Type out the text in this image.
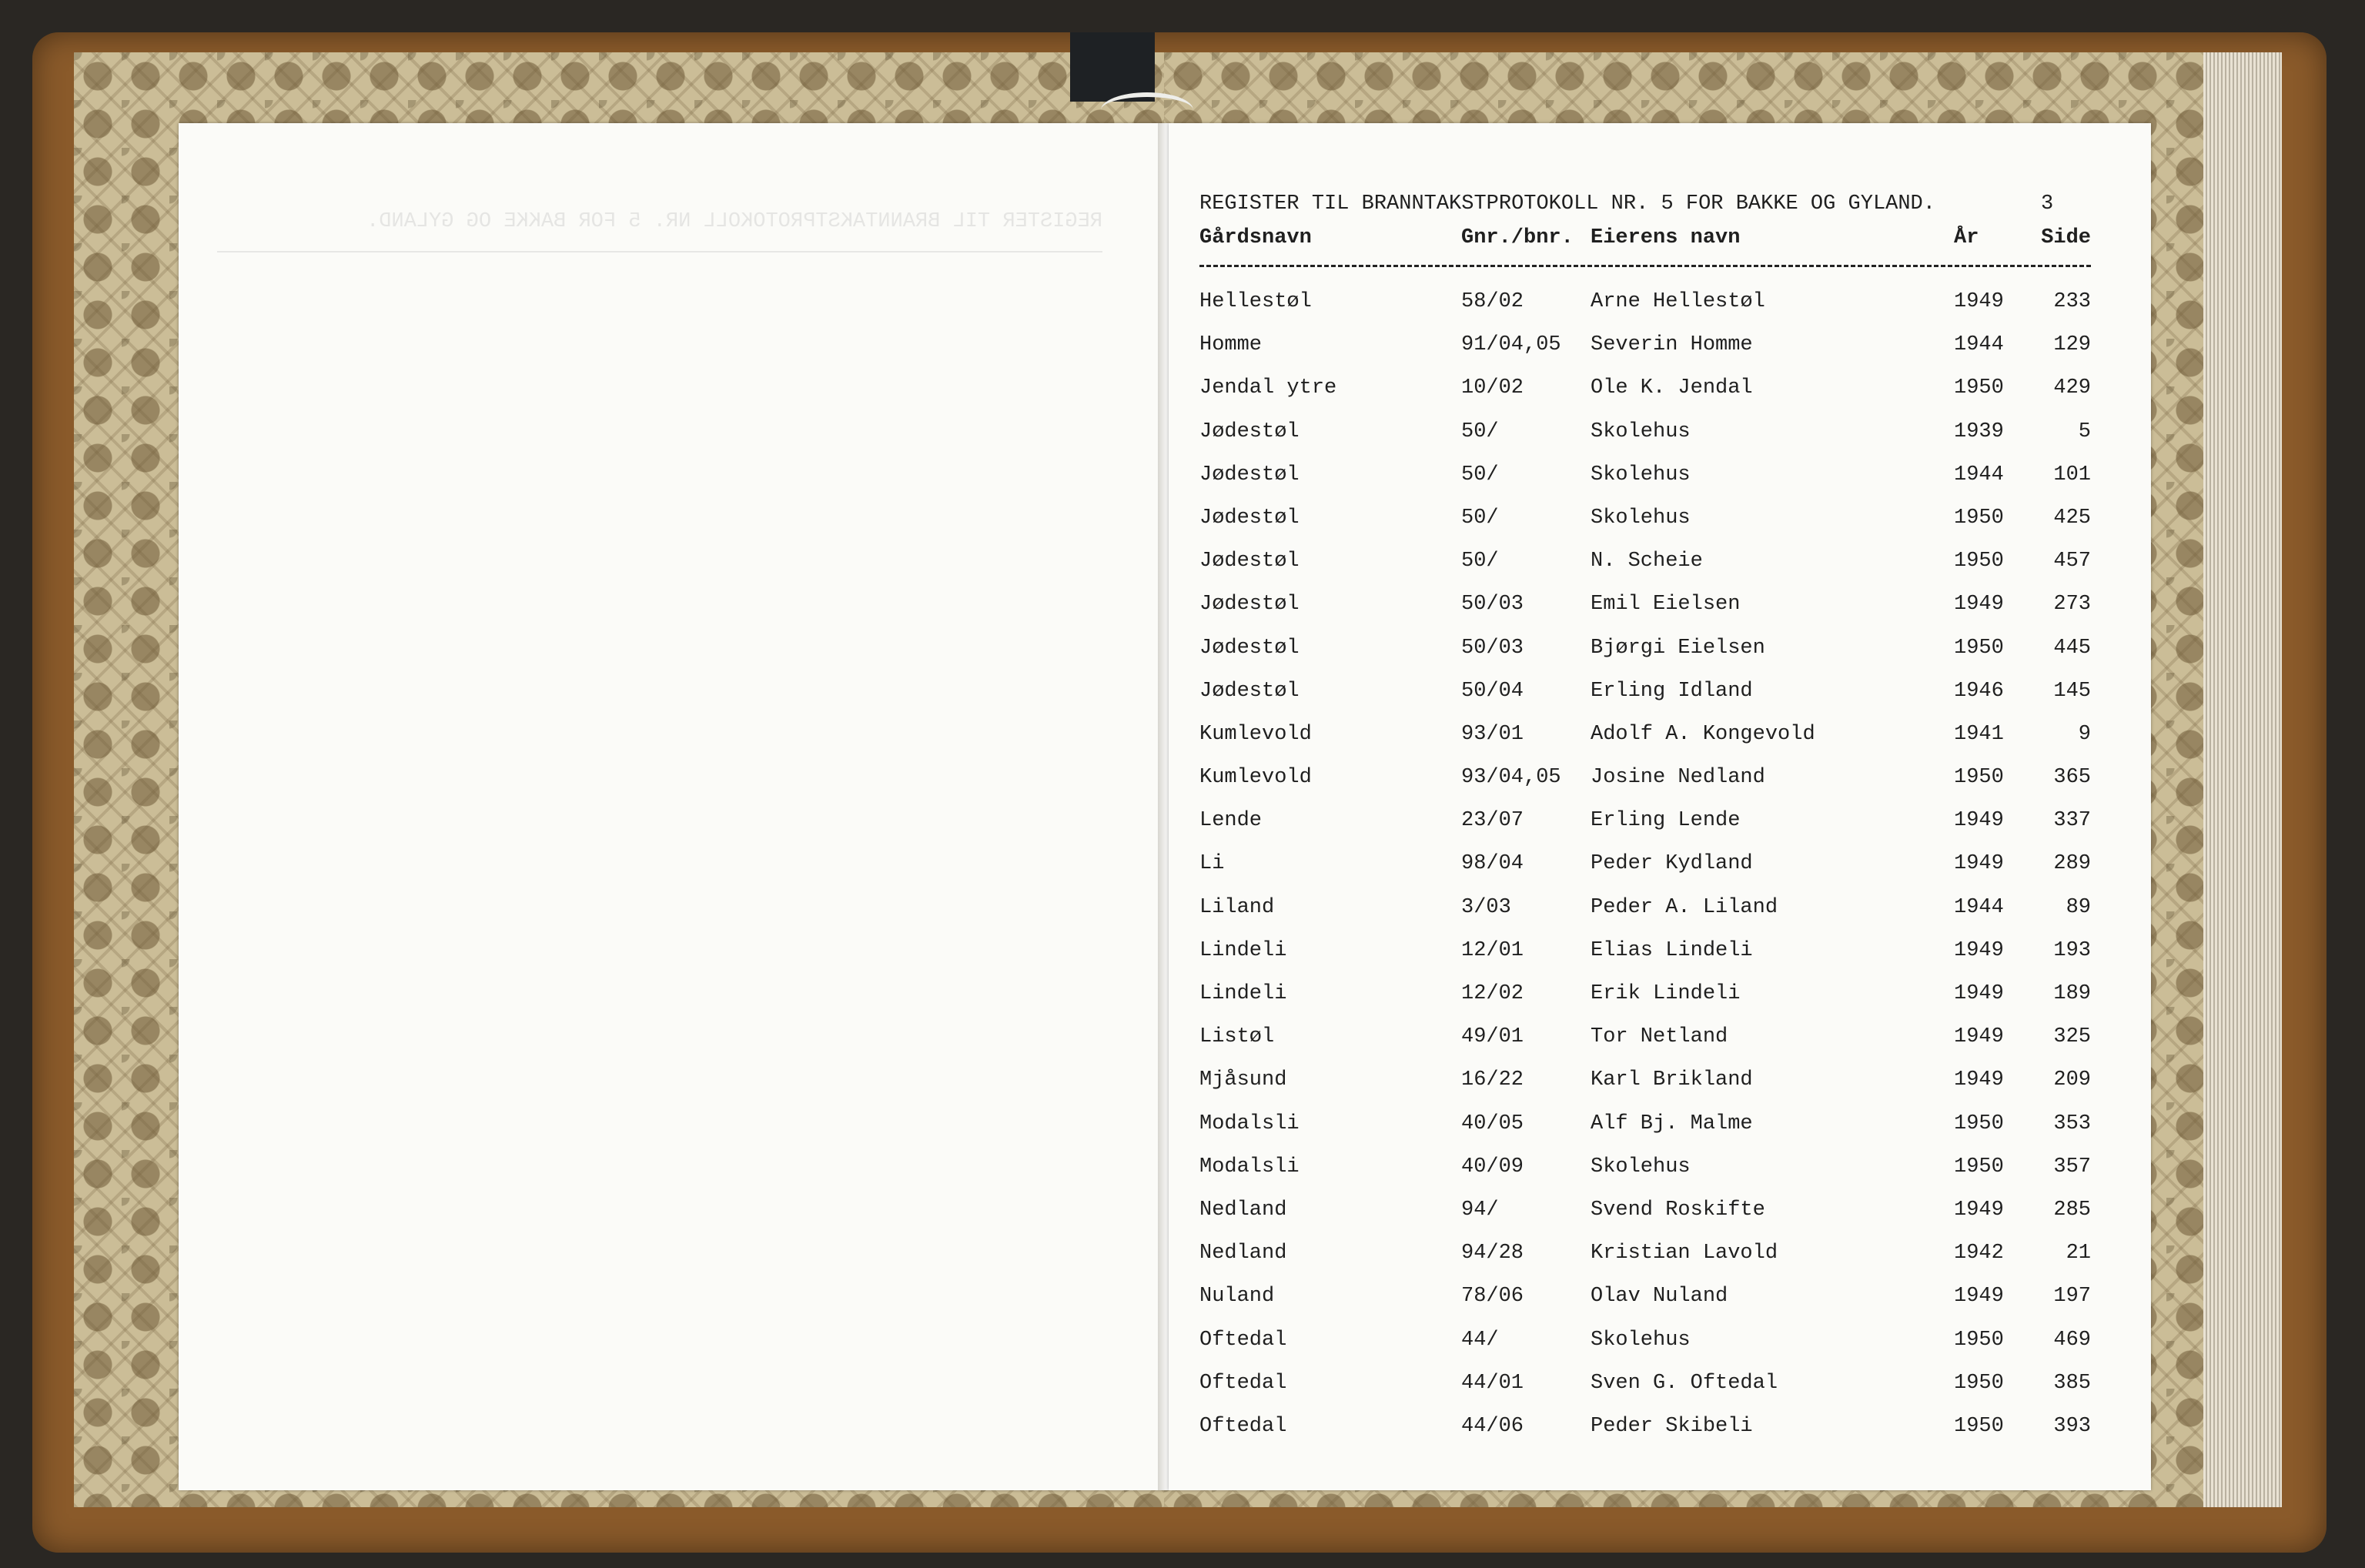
REGISTER TIL BRANNTAKSTPROTOKOLL NR. 5 FOR BAKKE OG GYLAND.
REGISTER TIL BRANNTAKSTPROTOKOLL NR. 5 FOR BAKKE OG GYLAND.	3
Gårdsnavn	Gnr./bnr. Eierens navn	År	Side
Hellestøl	58/02	Arne Hellestøl	1949 233
Homme	91/04,05 Severin Homme	1944 129
Jendal ytre	10/02	Ole K. Jendal	1950 429
Jødestøl	50/	Skolehus	1939	5
Jødestøl	50/	Skolehus	1944 101
Jødestøl	50/	Skolehus	1950 425
Jødestøl	50/	N. Scheie	1950 457
Jødestøl	50/03	Emil Eielsen	1949 273
Jødestøl	50/03	Bjørgi Eielsen	1950 445
Jødestøl	50/04	Erling Idland	1946 145
Kumlevold	93/01	Adolf A. Kongevold	1941	9
Kumlevold	93/04,05 Josine Nedland	1950 365
Lende	23/07	Erling Lende	1949 337
Li	98/04	Peder Kydland	1949 289
Liland	3/03	Peder A. Liland	1944	89
Lindeli	12/01	Elias Lindeli	1949 193
Lindeli	12/02	Erik Lindeli	1949 189
Listøl	49/01	Tor Netland	1949 325
Mjåsund	16/22	Karl Brikland	1949 209
Modalsli	40/05	Alf Bj. Malme	1950 353
Modalsli	40/09	Skolehus	1950 357
Nedland	94/	Svend Roskifte	1949 285
Nedland	94/28	Kristian Lavold	1942	21
Nuland	78/06	Olav Nuland	1949 197
Oftedal	44/	Skolehus	1950 469
Oftedal	44/01	Sven G. Oftedal	1950 385
Oftedal	44/06	Peder Skibeli	1950 393
